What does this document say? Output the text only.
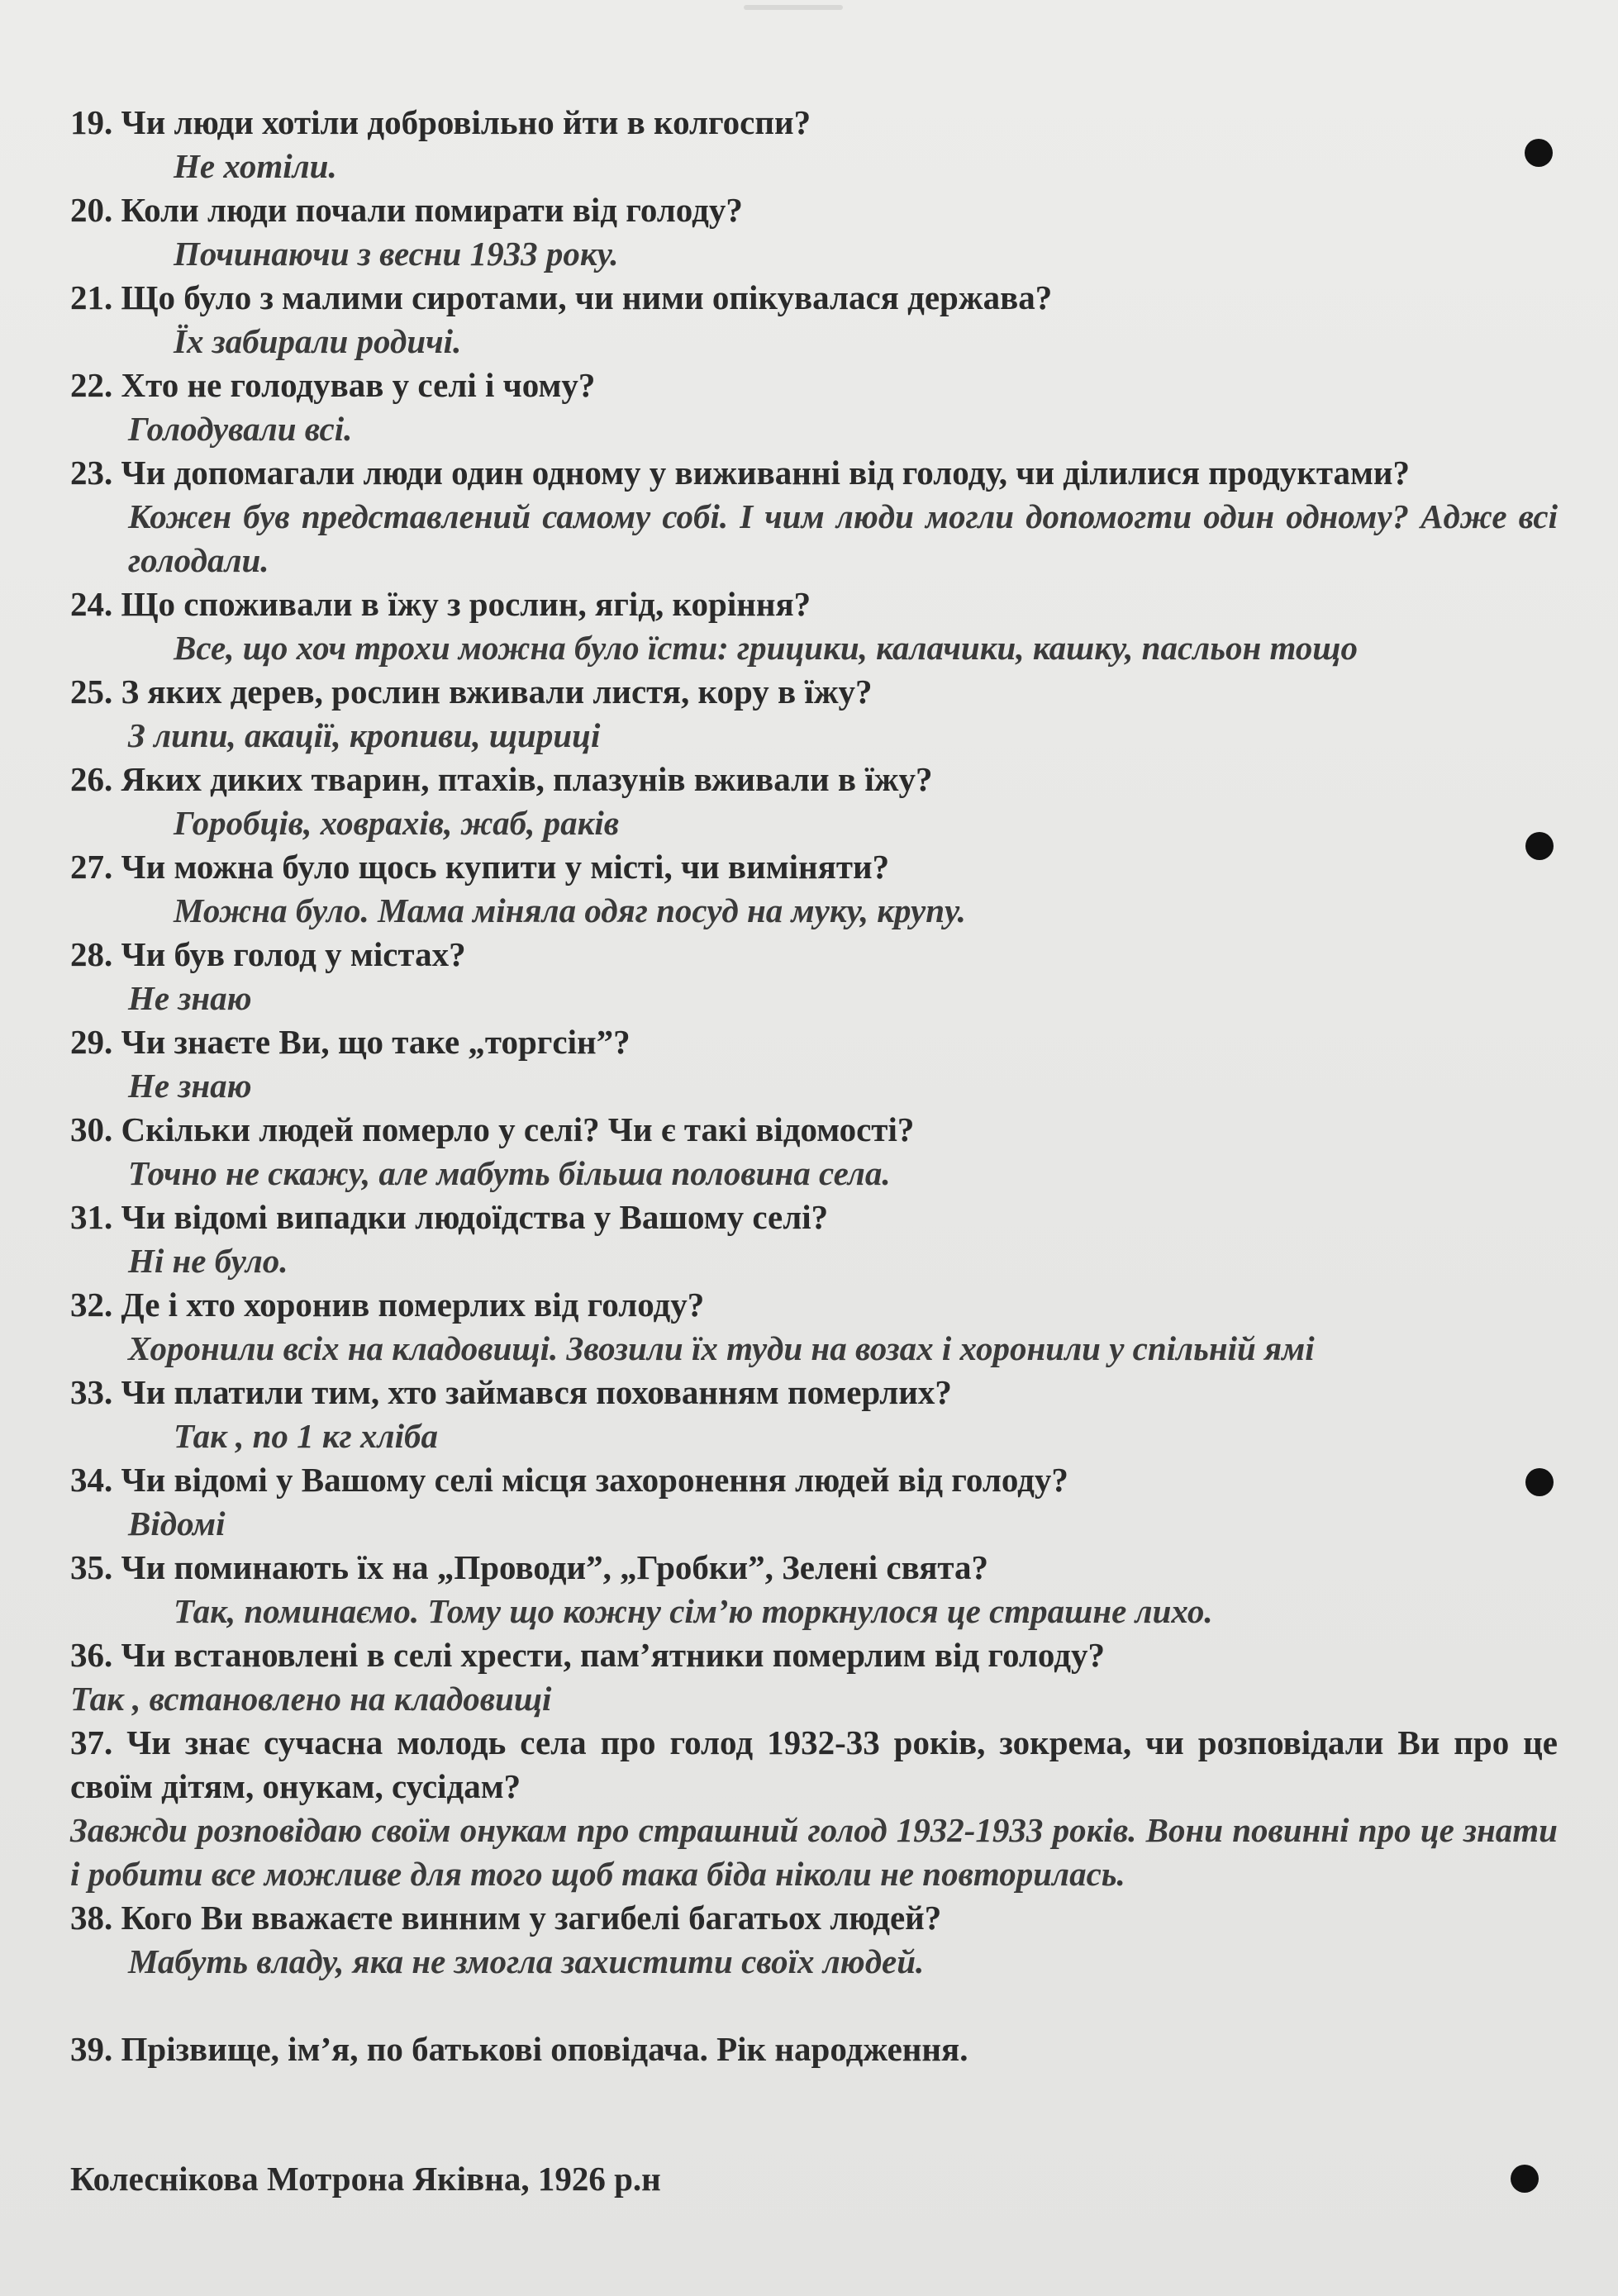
19. Чи люди хотіли добровільно йти в колгоспи?
Не хотіли.
20. Коли люди почали помирати від голоду?
Починаючи з весни 1933 року.
21. Що було з малими сиротами, чи ними опікувалася держава?
Їх забирали родичі.
22. Хто не голодував у селі і чому?
Голодували всі.
23. Чи допомагали люди один одному у виживанні від голоду, чи ділилися продуктами?
Кожен був представлений самому собі. І чим люди могли допомогти один одному? Адже всі голодали.
24. Що споживали в їжу з рослин, ягід, коріння?
Все, що хоч трохи можна було їсти: грицики, калачики, кашку, пасльон тощо
25. З яких дерев, рослин вживали листя, кору в їжу?
З липи, акації, кропиви, щириці
26. Яких диких тварин, птахів, плазунів вживали в їжу?
Горобців, ховрахів, жаб, раків
27. Чи можна було щось купити у місті, чи виміняти?
Можна було. Мама міняла одяг посуд на муку, крупу.
28. Чи був голод у містах?
Не знаю
29. Чи знаєте Ви, що таке „торгсін”?
Не знаю
30. Скільки людей померло у селі? Чи є такі відомості?
Точно не скажу, але мабуть більша половина села.
31. Чи відомі випадки людоїдства у Вашому селі?
Ні не було.
32. Де і хто хоронив померлих від голоду?
Хоронили всіх на кладовищі. Звозили їх туди на возах і хоронили у спільній ямі
33. Чи платили тим, хто займався похованням померлих?
Так , по 1 кг хліба
34. Чи відомі у Вашому селі місця захоронення людей від голоду?
Відомі
35. Чи поминають їх на „Проводи”, „Гробки”, Зелені свята?
Так, поминаємо. Тому що кожну сім’ю торкнулося це страшне лихо.
36. Чи встановлені в селі хрести, пам’ятники померлим від голоду?
Так , встановлено на кладовищі
37. Чи знає сучасна молодь села про голод 1932-33 років, зокрема, чи розповідали Ви про це своїм дітям, онукам, сусідам?
Завжди розповідаю своїм онукам про страшний голод 1932-1933 років. Вони повинні про це знати і робити все можливе для того щоб така біда ніколи не повторилась.
38. Кого Ви вважаєте винним у загибелі багатьох людей?
Мабуть владу, яка не змогла захистити своїх людей.
39. Прізвище, ім’я, по батькові оповідача. Рік народження.
Колеснікова Мотрона Яківна, 1926 р.н
